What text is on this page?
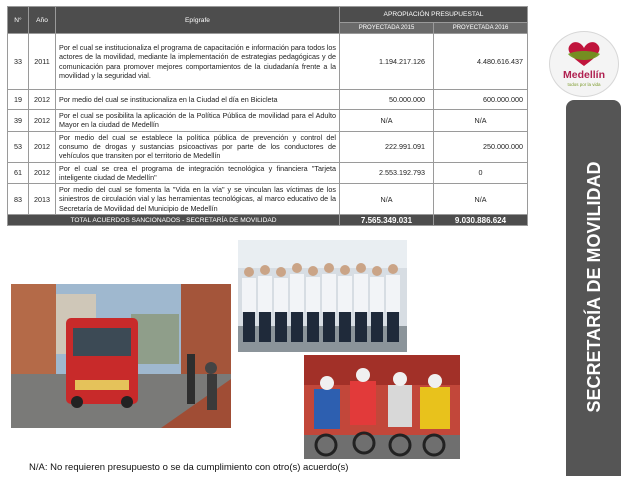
N°	Año	Epígrafe	APROPIACIÓN PRESUPUESTAL	
			PROYECTADA 2015	PROYECTADA 2016
33	2011	Por el cual se institucionaliza el programa de capacitación e información para todos los actores de la movilidad, mediante la implementación de estrategias pedagógicas y de comunicación para promover mejores comportamientos de la ciudadanía frente a la movilidad y la seguridad vial.	1.194.217.126	4.480.616.437
19	2012	Por medio del cual se institucionaliza en la Ciudad el día en Bicicleta	50.000.000	600.000.000
39	2012	Por el cual se posibilita la aplicación de la Política Pública de movilidad para el Adulto Mayor en la ciudad de Medellín	N/A	N/A
53	2012	Por medio del cual se establece la política pública de prevención y control del consumo de drogas y sustancias psicoactivas por parte de los conductores de vehículos que transiten por el territorio de Medellín	222.991.091	250.000.000
61	2012	Por el cual se crea el programa de integración tecnológica y financiera "Tarjeta inteligente ciudad de Medellín"	2.553.192.793	0
83	2013	Por medio del cual se fomenta la "Vida en la vía" y se vinculan las víctimas de los siniestros de circulación vial y las herramientas tecnológicas, al marco educativo de la Secretaría de Movilidad del Municipio de Medellín	N/A	N/A
TOTAL ACUERDOS SANCIONADOS - SECRETARÍA DE MOVILIDAD			7.565.349.031	9.030.886.624
Medellín
todos por la vida
SECRETARÍA DE MOVILIDAD
N/A: No requieren presupuesto o se da cumplimiento con otro(s) acuerdo(s)
